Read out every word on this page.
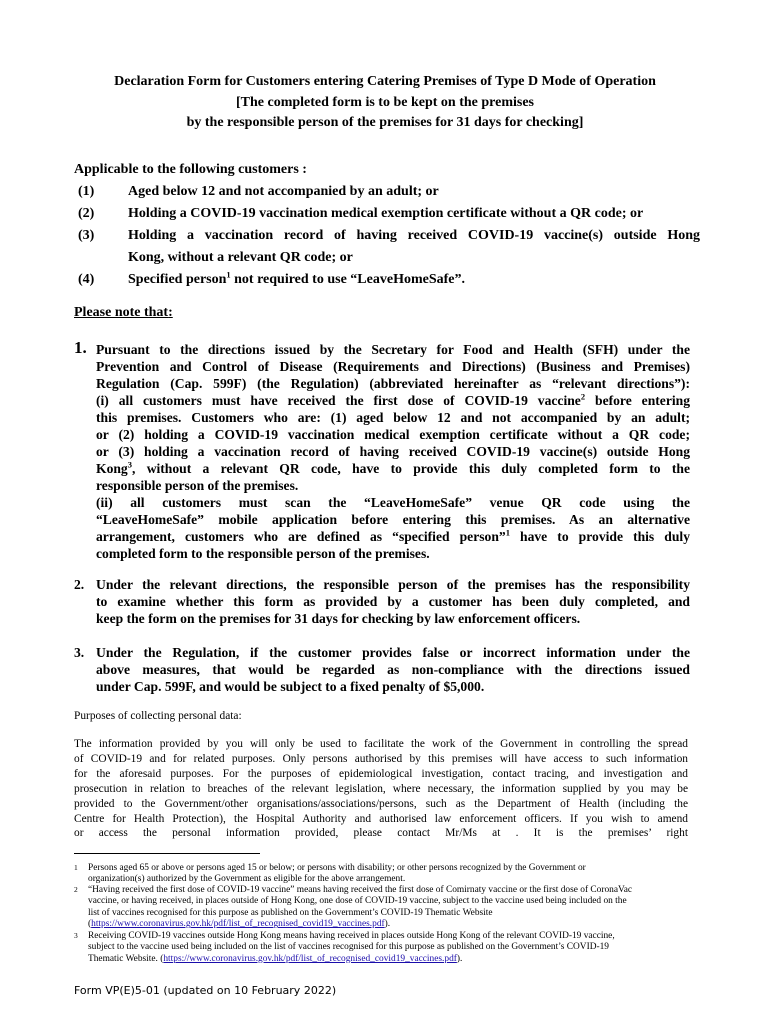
Declaration Form for Customers entering Catering Premises of Type D Mode of Operation
[The completed form is to be kept on the premises
by the responsible person of the premises for 31 days for checking]
Applicable to the following customers :
(1)	Aged below 12 and not accompanied by an adult; or
(2)	Holding a COVID-19 vaccination medical exemption certificate without a QR code; or
(3)	Holding a vaccination record of having received COVID-19 vaccine(s) outside Hong
Kong, without a relevant QR code; or
(4)	Specified person$^1$ not required to use “LeaveHomeSafe”.
Please note that:
1. Pursuant to the directions issued by the Secretary for Food and Health (SFH) under the
Prevention and Control of Disease (Requirements and Directions) (Business and Premises)
Regulation (Cap. 599F) (the Regulation) (abbreviated hereinafter as “relevant directions”):
(i) all customers must have received the first dose of COVID-19 vaccine$^2$ before entering
this premises. Customers who are: (1) aged below 12 and not accompanied by an adult;
or (2) holding a COVID-19 vaccination medical exemption certificate without a QR code;
or (3) holding a vaccination record of having received COVID-19 vaccine(s) outside Hong
Kong$^3$, without a relevant QR code, have to provide this duly completed form to the
responsible person of the premises.
(ii) all customers must scan the “LeaveHomeSafe” venue QR code using the
“LeaveHomeSafe” mobile application before entering this premises. As an alternative
arrangement, customers who are defined as “specified person”$^1$ have to provide this duly
completed form to the responsible person of the premises.
2. Under the relevant directions, the responsible person of the premises has the responsibility
to examine whether this form as provided by a customer has been duly completed, and
keep the form on the premises for 31 days for checking by law enforcement officers.
3. Under the Regulation, if the customer provides false or incorrect information under the
above measures, that would be regarded as non-compliance with the directions issued
under Cap. 599F, and would be subject to a fixed penalty of $5,000.
Purposes of collecting personal data:
The information provided by you will only be used to facilitate the work of the Government in controlling the spread
of COVID-19 and for related purposes. Only persons authorised by this premises will have access to such information
for the aforesaid purposes. For the purposes of epidemiological investigation, contact tracing, and investigation and
prosecution in relation to breaches of the relevant legislation, where necessary, the information supplied by you may be
provided to the Government/other organisations/associations/persons, such as the Department of Health (including the
Centre for Health Protection), the Hospital Authority and authorised law enforcement officers. If you wish to amend
or access the personal information provided, please contact Mr/Ms at . It is the premises’ right
1 Persons aged 65 or above or persons aged 15 or below; or persons with disability; or other persons recognized by the Government or
organization(s) authorized by the Government as eligible for the above arrangement.
2 “Having received the first dose of COVID-19 vaccine” means having received the first dose of Comirnaty vaccine or the first dose of CoronaVac
vaccine, or having received, in places outside of Hong Kong, one dose of COVID-19 vaccine, subject to the vaccine used being included on the
list of vaccines recognised for this purpose as published on the Government’s COVID-19 Thematic Website
(https://www.coronavirus.gov.hk/pdf/list_of_recognised_covid19_vaccines.pdf).
3 Receiving COVID-19 vaccines outside Hong Kong means having received in places outside Hong Kong of the relevant COVID-19 vaccine,
subject to the vaccine used being included on the list of vaccines recognised for this purpose as published on the Government’s COVID-19
Thematic Website. (https://www.coronavirus.gov.hk/pdf/list_of_recognised_covid19_vaccines.pdf).
Form VP(E)5-01 (updated on 10 February 2022)
